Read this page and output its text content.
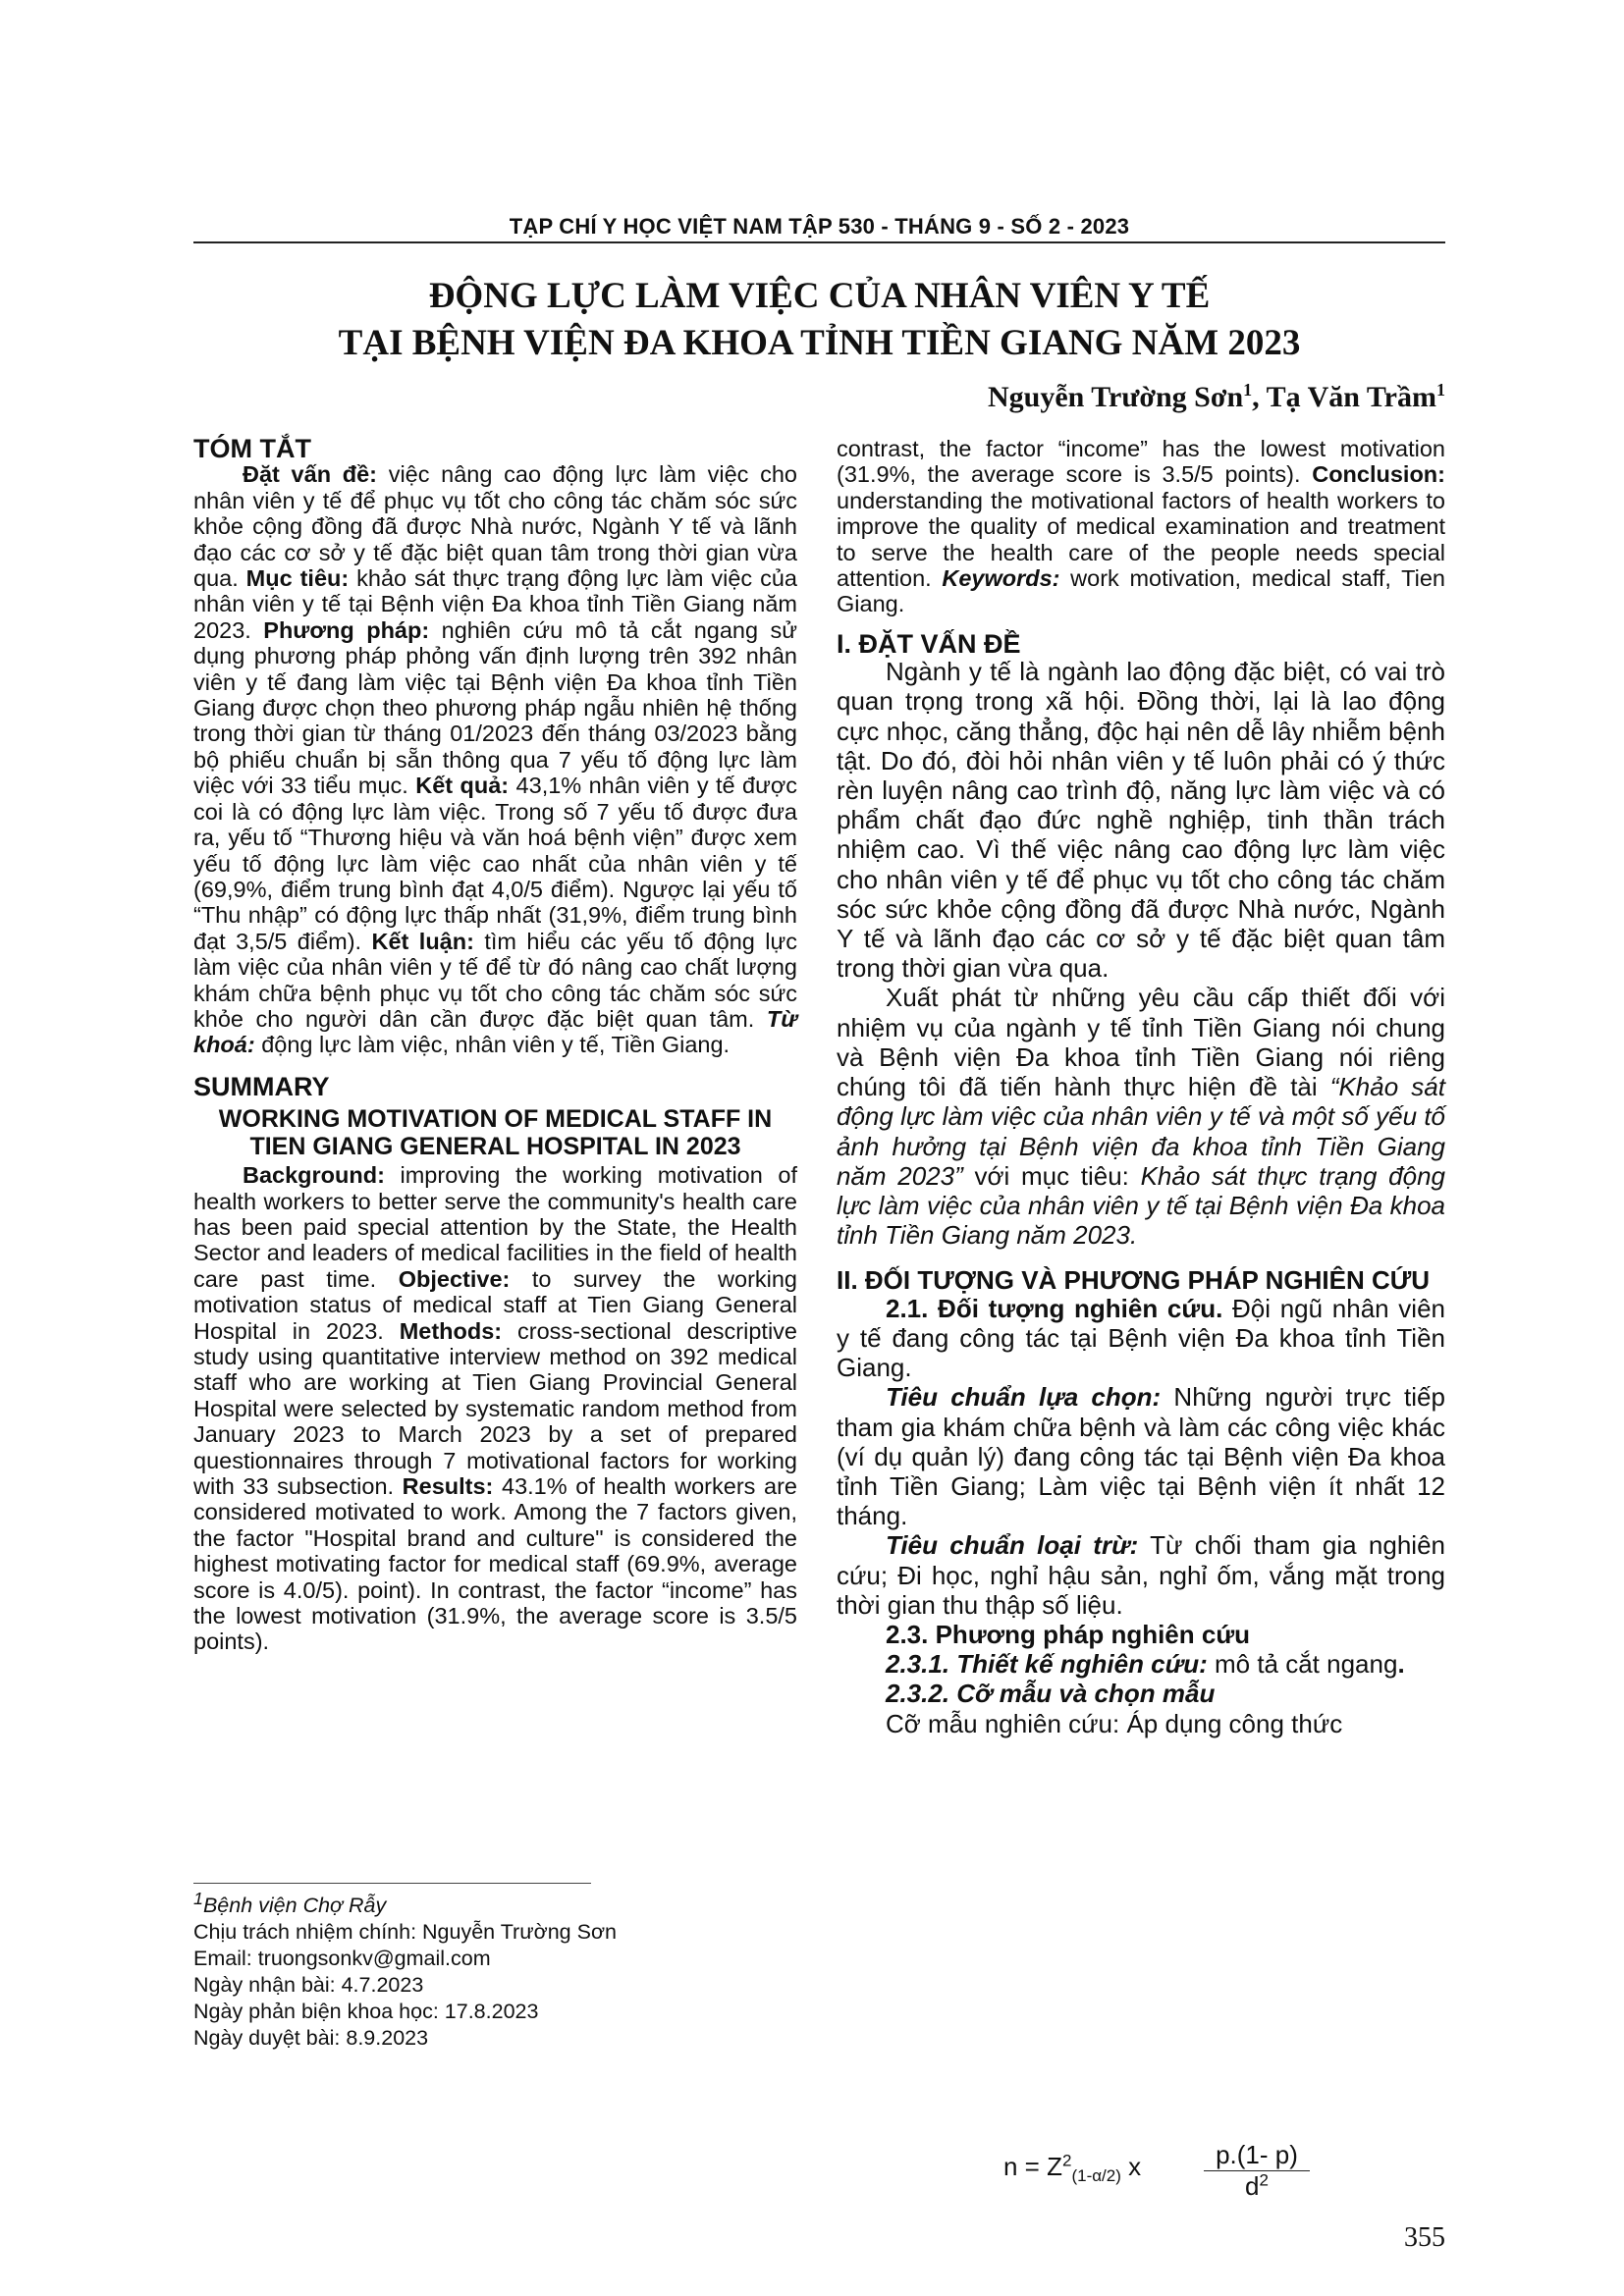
TẠP CHÍ Y HỌC VIỆT NAM TẬP 530 - THÁNG 9 - SỐ 2 - 2023
ĐỘNG LỰC LÀM VIỆC CỦA NHÂN VIÊN Y TẾ
TẠI BỆNH VIỆN ĐA KHOA TỈNH TIỀN GIANG NĂM 2023
Nguyễn Trường Sơn$^1$, Tạ Văn Trầm$^1$

TÓM TẮT

Đặt vấn đề: việc nâng cao động lực làm việc cho nhân viên y tế để phục vụ tốt cho công tác chăm sóc sức khỏe cộng đồng đã được Nhà nước, Ngành Y tế và lãnh đạo các cơ sở y tế đặc biệt quan tâm trong thời gian vừa qua. Mục tiêu: khảo sát thực trạng động lực làm việc của nhân viên y tế tại Bệnh viện Đa khoa tỉnh Tiền Giang năm 2023. Phương pháp: nghiên cứu mô tả cắt ngang sử dụng phương pháp phỏng vấn định lượng trên 392 nhân viên y tế đang làm việc tại Bệnh viện Đa khoa tỉnh Tiền Giang được chọn theo phương pháp ngẫu nhiên hệ thống trong thời gian từ tháng 01/2023 đến tháng 03/2023 bằng bộ phiếu chuẩn bị sẵn thông qua 7 yếu tố động lực làm việc với 33 tiểu mục. Kết quả: 43,1% nhân viên y tế được coi là có động lực làm việc. Trong số 7 yếu tố được đưa ra, yếu tố “Thương hiệu và văn hoá bệnh viện” được xem yếu tố động lực làm việc cao nhất của nhân viên y tế (69,9%, điểm trung bình đạt 4,0/5 điểm). Ngược lại yếu tố “Thu nhập” có động lực thấp nhất (31,9%, điểm trung bình đạt 3,5/5 điểm). Kết luận: tìm hiểu các yếu tố động lực làm việc của nhân viên y tế để từ đó nâng cao chất lượng khám chữa bệnh phục vụ tốt cho công tác chăm sóc sức khỏe cho người dân cần được đặc biệt quan tâm. Từ khoá: động lực làm việc, nhân viên y tế, Tiền Giang.

SUMMARY

WORKING MOTIVATION OF MEDICAL STAFF IN TIEN GIANG GENERAL HOSPITAL IN 2023

Background: improving the working motivation of health workers to better serve the community's health care has been paid special attention by the State, the Health Sector and leaders of medical facilities in the field of health care past time. Objective: to survey the working motivation status of medical staff at Tien Giang General Hospital in 2023. Methods: cross-sectional descriptive study using quantitative interview method on 392 medical staff who are working at Tien Giang Provincial General Hospital were selected by systematic random method from January 2023 to March 2023 by a set of prepared questionnaires through 7 motivational factors for working with 33 subsection. Results: 43.1% of health workers are considered motivated to work. Among the 7 factors given, the factor "Hospital brand and culture" is considered the highest motivating factor for medical staff (69.9%, average score is 4.0/5). point). In contrast, the factor “income” has the lowest motivation (31.9%, the average score is 3.5/5 points).

$^1$Bệnh viện Chợ Rẫy
Chịu trách nhiệm chính: Nguyễn Trường Sơn
Email: truongsonkv@gmail.com
Ngày nhận bài: 4.7.2023
Ngày phản biện khoa học: 17.8.2023
Ngày duyệt bài: 8.9.2023

contrast, the factor “income” has the lowest motivation (31.9%, the average score is 3.5/5 points). Conclusion: understanding the motivational factors of health workers to improve the quality of medical examination and treatment to serve the health care of the people needs special attention. Keywords: work motivation, medical staff, Tien Giang.

I. ĐẶT VẤN ĐỀ

Ngành y tế là ngành lao động đặc biệt, có vai trò quan trọng trong xã hội. Đồng thời, lại là lao động cực nhọc, căng thẳng, độc hại nên dễ lây nhiễm bệnh tật. Do đó, đòi hỏi nhân viên y tế luôn phải có ý thức rèn luyện nâng cao trình độ, năng lực làm việc và có phẩm chất đạo đức nghề nghiệp, tinh thần trách nhiệm cao. Vì thế việc nâng cao động lực làm việc cho nhân viên y tế để phục vụ tốt cho công tác chăm sóc sức khỏe cộng đồng đã được Nhà nước, Ngành Y tế và lãnh đạo các cơ sở y tế đặc biệt quan tâm trong thời gian vừa qua.

Xuất phát từ những yêu cầu cấp thiết đối với nhiệm vụ của ngành y tế tỉnh Tiền Giang nói chung và Bệnh viện Đa khoa tỉnh Tiền Giang nói riêng chúng tôi đã tiến hành thực hiện đề tài “Khảo sát động lực làm việc của nhân viên y tế và một số yếu tố ảnh hưởng tại Bệnh viện đa khoa tỉnh Tiền Giang năm 2023” với mục tiêu: Khảo sát thực trạng động lực làm việc của nhân viên y tế tại Bệnh viện Đa khoa tỉnh Tiền Giang năm 2023.

II. ĐỐI TƯỢNG VÀ PHƯƠNG PHÁP NGHIÊN CỨU

2.1. Đối tượng nghiên cứu. Đội ngũ nhân viên y tế đang công tác tại Bệnh viện Đa khoa tỉnh Tiền Giang.

Tiêu chuẩn lựa chọn: Những người trực tiếp tham gia khám chữa bệnh và làm các công việc khác (ví dụ quản lý) đang công tác tại Bệnh viện Đa khoa tỉnh Tiền Giang; Làm việc tại Bệnh viện ít nhất 12 tháng.

Tiêu chuẩn loại trừ: Từ chối tham gia nghiên cứu; Đi học, nghỉ hậu sản, nghỉ ốm, vắng mặt trong thời gian thu thập số liệu.

2.3. Phương pháp nghiên cứu

2.3.1. Thiết kế nghiên cứu: mô tả cắt ngang.

2.3.2. Cỡ mẫu và chọn mẫu

Cỡ mẫu nghiên cứu: Áp dụng công thức

$n = Z^2_{(1-\alpha/2)}$ x $\frac{p.(1- p)}{d^2}$
355
